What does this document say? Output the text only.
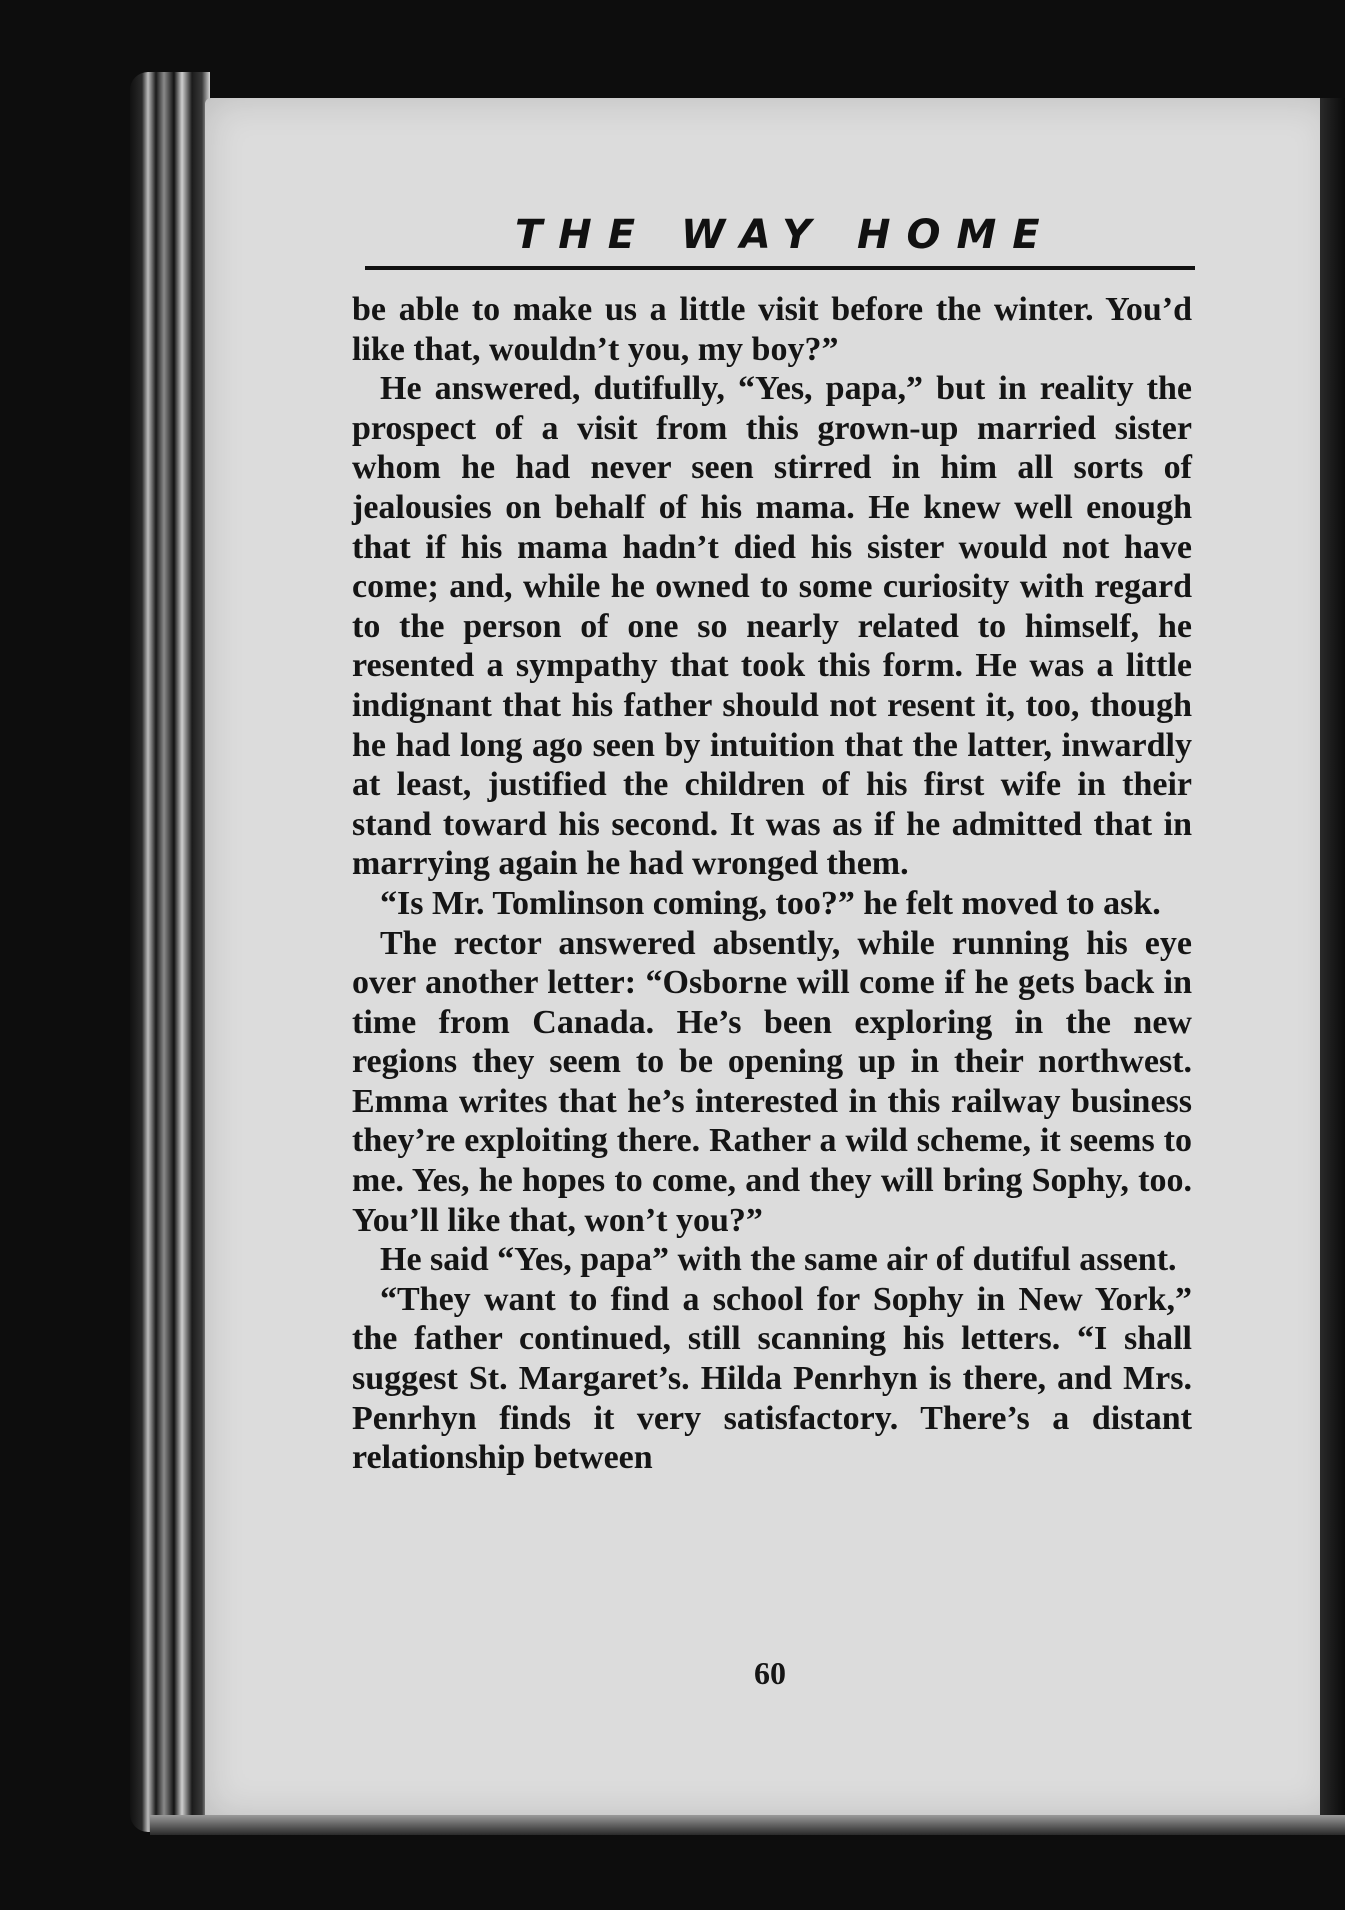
THE WAY HOME

be able to make us a little visit before the winter. You’d like that, wouldn’t you, my boy?”

He answered, dutifully, “Yes, papa,” but in reality the prospect of a visit from this grown-up married sister whom he had never seen stirred in him all sorts of jealousies on behalf of his mama. He knew well enough that if his mama hadn’t died his sister would not have come; and, while he owned to some curiosity with regard to the person of one so nearly related to himself, he resented a sympathy that took this form. He was a little indignant that his father should not resent it, too, though he had long ago seen by intuition that the latter, inwardly at least, justified the children of his first wife in their stand toward his second. It was as if he admitted that in marrying again he had wronged them.

“Is Mr. Tomlinson coming, too?” he felt moved to ask.

The rector answered absently, while running his eye over another letter: “Osborne will come if he gets back in time from Canada. He’s been exploring in the new regions they seem to be opening up in their northwest. Emma writes that he’s interested in this railway business they’re exploiting there. Rather a wild scheme, it seems to me. Yes, he hopes to come, and they will bring Sophy, too. You’ll like that, won’t you?”

He said “Yes, papa” with the same air of dutiful assent.

“They want to find a school for Sophy in New York,” the father continued, still scanning his letters. “I shall suggest St. Margaret’s. Hilda Penrhyn is there, and Mrs. Penrhyn finds it very satisfactory. There’s a distant relationship between

60
